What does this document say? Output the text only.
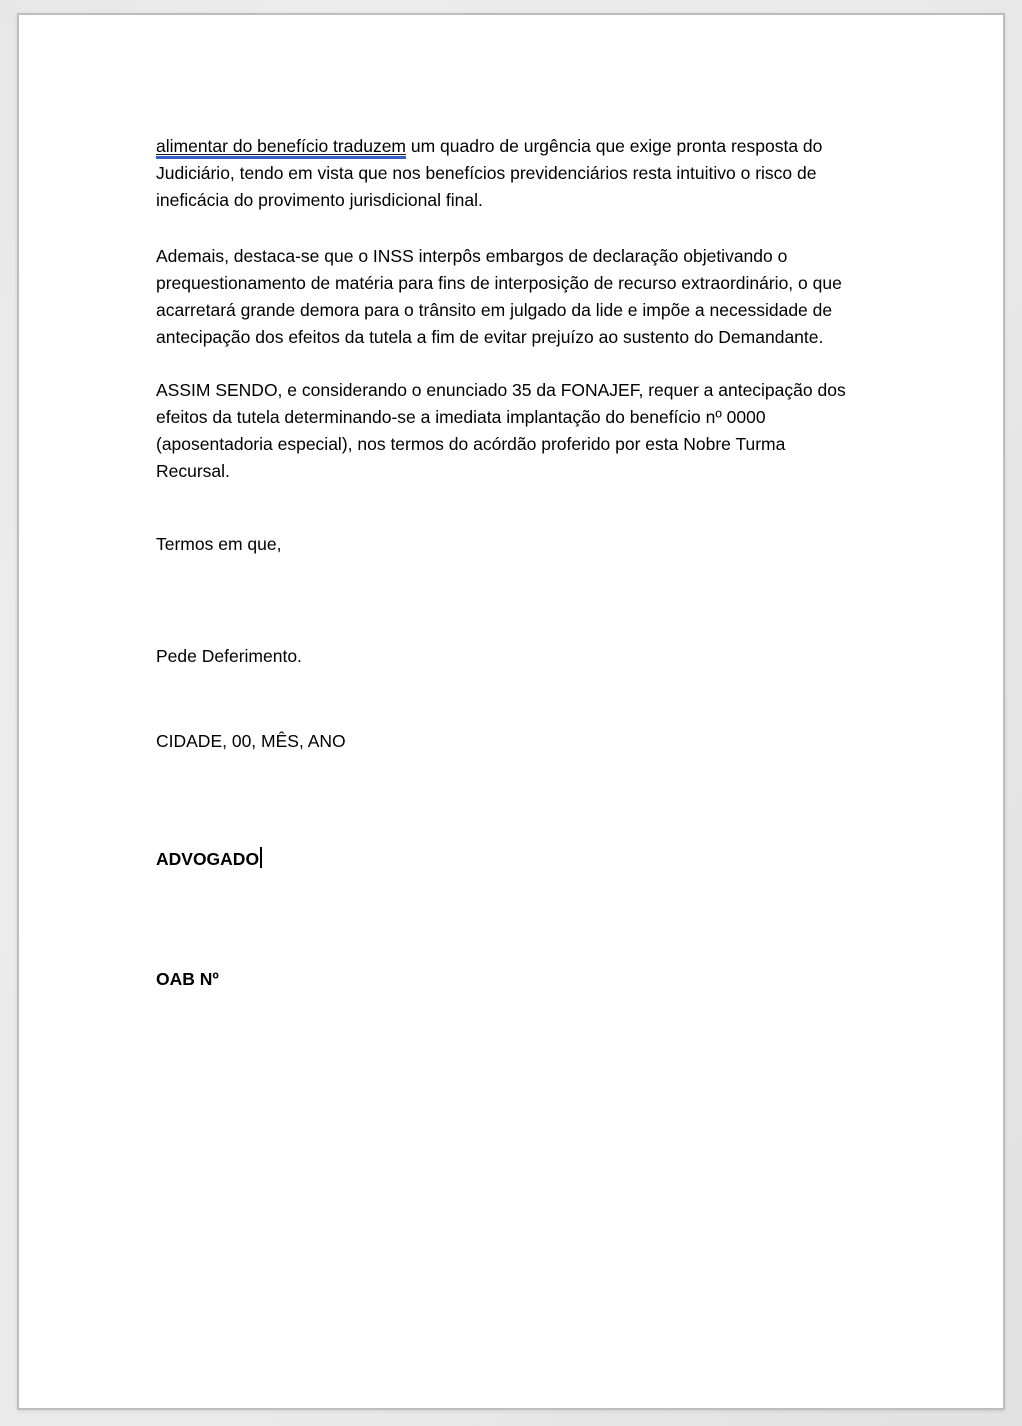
alimentar do benefício traduzem um quadro de urgência que exige pronta resposta do Judiciário, tendo em vista que nos benefícios previdenciários resta intuitivo o risco de ineficácia do provimento jurisdicional final.

Ademais, destaca-se que o INSS interpôs embargos de declaração objetivando o prequestionamento de matéria para fins de interposição de recurso extraordinário, o que acarretará grande demora para o trânsito em julgado da lide e impõe a necessidade de antecipação dos efeitos da tutela a fim de evitar prejuízo ao sustento do Demandante.

ASSIM SENDO, e considerando o enunciado 35 da FONAJEF, requer a antecipação dos efeitos da tutela determinando-se a imediata implantação do benefício nº 0000 (aposentadoria especial), nos termos do acórdão proferido por esta Nobre Turma Recursal.

Termos em que,

Pede Deferimento.

CIDADE, 00, MÊS, ANO

ADVOGADO

OAB Nº
